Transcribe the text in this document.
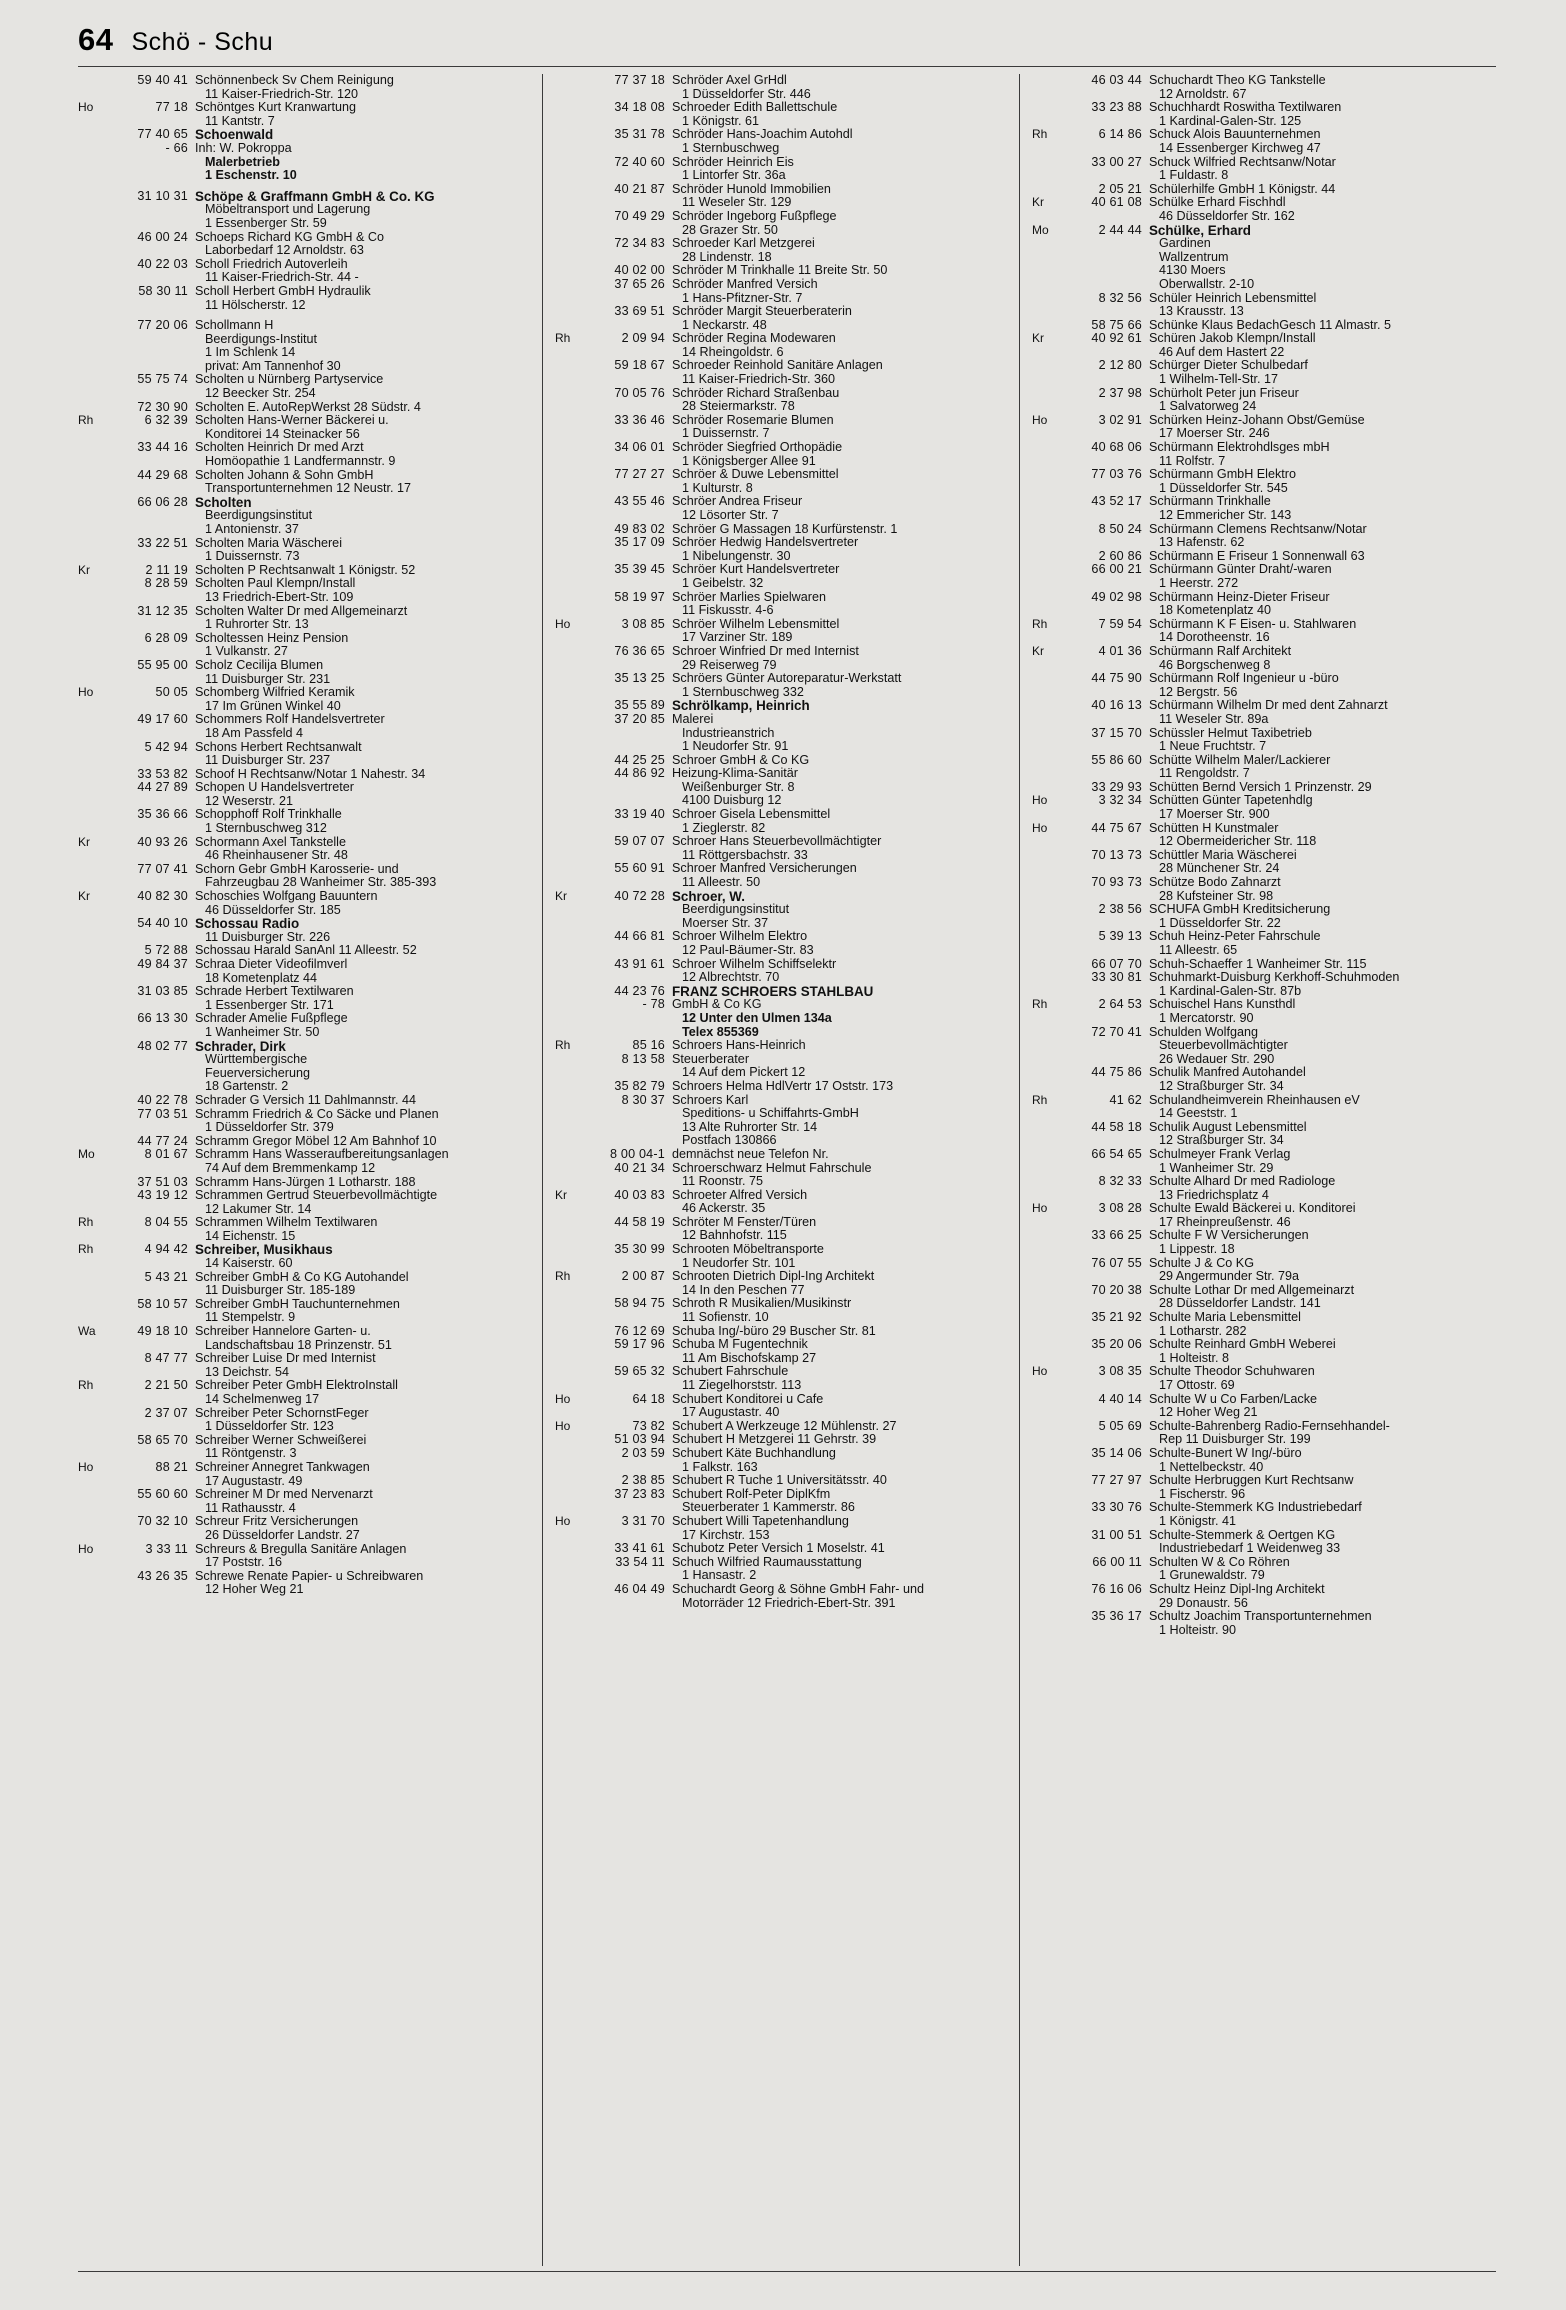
64 Schö - Schu
59 40 41 Schönnenbeck Sv Chem Reinigung
11 Kaiser-Friedrich-Str. 120
Ho	77 18 Schöntges Kurt Kranwartung
11 Kantstr. 7
77 40 65 Schoenwald
- 66 Inh: W. Pokroppa
Malerbetrieb
1 Eschenstr. 10
31 10 31 Schöpe & Graffmann GmbH & Co. KG
Möbeltransport und Lagerung
1 Essenberger Str. 59
46 00 24 Schoeps Richard KG GmbH & Co
Laborbedarf 12 Arnoldstr. 63
40 22 03 Scholl Friedrich Autoverleih
11 Kaiser-Friedrich-Str. 44 -
58 30 11 Scholl Herbert GmbH Hydraulik
11 Hölscherstr. 12
77 20 06 Schollmann H
Beerdigungs-Institut
1 Im Schlenk 14
privat: Am Tannenhof 30
55 75 74 Scholten u Nürnberg Partyservice
12 Beecker Str. 254
72 30 90 Scholten E. AutoRepWerkst 28 Südstr. 4
Rh	6 32 39 Scholten Hans-Werner Bäckerei u.
Konditorei 14 Steinacker 56
33 44 16 Scholten Heinrich Dr med Arzt
Homöopathie 1 Landfermannstr. 9
44 29 68 Scholten Johann & Sohn GmbH
Transportunternehmen 12 Neustr. 17
66 06 28 Scholten
Beerdigungsinstitut
1 Antonienstr. 37
33 22 51 Scholten Maria Wäscherei
1 Duissernstr. 73
Kr	2 11 19 Scholten P Rechtsanwalt 1 Königstr. 52
8 28 59 Scholten Paul Klempn/Install
13 Friedrich-Ebert-Str. 109
31 12 35 Scholten Walter Dr med Allgemeinarzt
1 Ruhrorter Str. 13
6 28 09 Scholtessen Heinz Pension
1 Vulkanstr. 27
55 95 00 Scholz Cecilija Blumen
11 Duisburger Str. 231
Ho	50 05 Schomberg Wilfried Keramik
17 Im Grünen Winkel 40
49 17 60 Schommers Rolf Handelsvertreter
18 Am Passfeld 4
5 42 94 Schons Herbert Rechtsanwalt
11 Duisburger Str. 237
33 53 82 Schoof H Rechtsanw/Notar 1 Nahestr. 34
44 27 89 Schopen U Handelsvertreter
12 Weserstr. 21
35 36 66 Schopphoff Rolf Trinkhalle
1 Sternbuschweg 312
Kr	40 93 26 Schormann Axel Tankstelle
46 Rheinhausener Str. 48
77 07 41 Schorn Gebr GmbH Karosserie- und
Fahrzeugbau 28 Wanheimer Str. 385-393
Kr	40 82 30 Schoschies Wolfgang Bauuntern
46 Düsseldorfer Str. 185
54 40 10 Schossau Radio
11 Duisburger Str. 226
5 72 88 Schossau Harald SanAnl 11 Alleestr. 52
49 84 37 Schraa Dieter Videofilmverl
18 Kometenplatz 44
31 03 85 Schrade Herbert Textilwaren
1 Essenberger Str. 171
66 13 30 Schrader Amelie Fußpflege
1 Wanheimer Str. 50
48 02 77 Schrader, Dirk
Württembergische
Feuerversicherung
18 Gartenstr. 2
40 22 78 Schrader G Versich 11 Dahlmannstr. 44
77 03 51 Schramm Friedrich & Co Säcke und Planen
1 Düsseldorfer Str. 379
44 77 24 Schramm Gregor Möbel 12 Am Bahnhof 10
Mo	8 01 67 Schramm Hans Wasseraufbereitungsanlagen
74 Auf dem Bremmenkamp 12
37 51 03 Schramm Hans-Jürgen 1 Lotharstr. 188
43 19 12 Schrammen Gertrud Steuerbevollmächtigte
12 Lakumer Str. 14
Rh	8 04 55 Schrammen Wilhelm Textilwaren
14 Eichenstr. 15
Rh	4 94 42 Schreiber, Musikhaus
14 Kaiserstr. 60
5 43 21 Schreiber GmbH & Co KG Autohandel
11 Duisburger Str. 185-189
58 10 57 Schreiber GmbH Tauchunternehmen
11 Stempelstr. 9
Wa	49 18 10 Schreiber Hannelore Garten- u.
Landschaftsbau 18 Prinzenstr. 51
8 47 77 Schreiber Luise Dr med Internist
13 Deichstr. 54
Rh	2 21 50 Schreiber Peter GmbH ElektroInstall
14 Schelmenweg 17
2 37 07 Schreiber Peter SchornstFeger
1 Düsseldorfer Str. 123
58 65 70 Schreiber Werner Schweißerei
11 Röntgenstr. 3
Ho	88 21 Schreiner Annegret Tankwagen
17 Augustastr. 49
55 60 60 Schreiner M Dr med Nervenarzt
11 Rathausstr. 4
70 32 10 Schreur Fritz Versicherungen
26 Düsseldorfer Landstr. 27
Ho	3 33 11 Schreurs & Bregulla Sanitäre Anlagen
17 Poststr. 16
43 26 35 Schrewe Renate Papier- u Schreibwaren
12 Hoher Weg 21
77 37 18 Schröder Axel GrHdl
1 Düsseldorfer Str. 446
34 18 08 Schroeder Edith Ballettschule
1 Königstr. 61
35 31 78 Schröder Hans-Joachim Autohdl
1 Sternbuschweg
72 40 60 Schröder Heinrich Eis
1 Lintorfer Str. 36a
40 21 87 Schröder Hunold Immobilien
11 Weseler Str. 129
70 49 29 Schröder Ingeborg Fußpflege
28 Grazer Str. 50
72 34 83 Schroeder Karl Metzgerei
28 Lindenstr. 18
40 02 00 Schröder M Trinkhalle 11 Breite Str. 50
37 65 26 Schröder Manfred Versich
1 Hans-Pfitzner-Str. 7
33 69 51 Schröder Margit Steuerberaterin
1 Neckarstr. 48
Rh	2 09 94 Schröder Regina Modewaren
14 Rheingoldstr. 6
59 18 67 Schroeder Reinhold Sanitäre Anlagen
11 Kaiser-Friedrich-Str. 360
70 05 76 Schröder Richard Straßenbau
28 Steiermarkstr. 78
33 36 46 Schröder Rosemarie Blumen
1 Duissernstr. 7
34 06 01 Schröder Siegfried Orthopädie
1 Königsberger Allee 91
77 27 27 Schröer & Duwe Lebensmittel
1 Kulturstr. 8
43 55 46 Schröer Andrea Friseur
12 Lösorter Str. 7
49 83 02 Schröer G Massagen 18 Kurfürstenstr. 1
35 17 09 Schröer Hedwig Handelsvertreter
1 Nibelungenstr. 30
35 39 45 Schröer Kurt Handelsvertreter
1 Geibelstr. 32
58 19 97 Schröer Marlies Spielwaren
11 Fiskusstr. 4-6
Ho	3 08 85 Schröer Wilhelm Lebensmittel
17 Varziner Str. 189
76 36 65 Schroer Winfried Dr med Internist
29 Reiserweg 79
35 13 25 Schröers Günter Autoreparatur-Werkstatt
1 Sternbuschweg 332
35 55 89 Schrölkamp, Heinrich
37 20 85 Malerei
Industrieanstrich
1 Neudorfer Str. 91
44 25 25 Schroer GmbH & Co KG
44 86 92 Heizung-Klima-Sanitär
Weißenburger Str. 8
4100 Duisburg 12
33 19 40 Schroer Gisela Lebensmittel
1 Zieglerstr. 82
59 07 07 Schroer Hans Steuerbevollmächtigter
11 Röttgersbachstr. 33
55 60 91 Schroer Manfred Versicherungen
11 Alleestr. 50
Kr	40 72 28 Schroer, W.
Beerdigungsinstitut
Moerser Str. 37
44 66 81 Schroer Wilhelm Elektro
12 Paul-Bäumer-Str. 83
43 91 61 Schroer Wilhelm Schiffselektr
12 Albrechtstr. 70
44 23 76 FRANZ SCHROERS STAHLBAU
- 78 GmbH & Co KG
12 Unter den Ulmen 134a
Telex 855369
Rh	85 16 Schroers Hans-Heinrich
8 13 58 Steuerberater
14 Auf dem Pickert 12
35 82 79 Schroers Helma HdlVertr 17 Oststr. 173
8 30 37 Schroers Karl
Speditions- u Schiffahrts-GmbH
13 Alte Ruhrorter Str. 14
Postfach 130866
8 00 04-1 demnächst neue Telefon Nr.
40 21 34 Schroerschwarz Helmut Fahrschule
11 Roonstr. 75
Kr	40 03 83 Schroeter Alfred Versich
46 Ackerstr. 35
44 58 19 Schröter M Fenster/Türen
12 Bahnhofstr. 115
35 30 99 Schrooten Möbeltransporte
1 Neudorfer Str. 101
Rh	2 00 87 Schrooten Dietrich Dipl-Ing Architekt
14 In den Peschen 77
58 94 75 Schroth R Musikalien/Musikinstr
11 Sofienstr. 10
76 12 69 Schuba Ing/-büro 29 Buscher Str. 81
59 17 96 Schuba M Fugentechnik
11 Am Bischofskamp 27
59 65 32 Schubert Fahrschule
11 Ziegelhorststr. 113
Ho	64 18 Schubert Konditorei u Cafe
17 Augustastr. 40
Ho	73 82 Schubert A Werkzeuge 12 Mühlenstr. 27
51 03 94 Schubert H Metzgerei 11 Gehrstr. 39
2 03 59 Schubert Käte Buchhandlung
1 Falkstr. 163
2 38 85 Schubert R Tuche 1 Universitätsstr. 40
37 23 83 Schubert Rolf-Peter DiplKfm
Steuerberater 1 Kammerstr. 86
Ho	3 31 70 Schubert Willi Tapetenhandlung
17 Kirchstr. 153
33 41 61 Schubotz Peter Versich 1 Moselstr. 41
33 54 11 Schuch Wilfried Raumausstattung
1 Hansastr. 2
46 04 49 Schuchardt Georg & Söhne GmbH Fahr- und
Motorräder 12 Friedrich-Ebert-Str. 391
46 03 44 Schuchardt Theo KG Tankstelle
12 Arnoldstr. 67
33 23 88 Schuchhardt Roswitha Textilwaren
1 Kardinal-Galen-Str. 125
Rh	6 14 86 Schuck Alois Bauunternehmen
14 Essenberger Kirchweg 47
33 00 27 Schuck Wilfried Rechtsanw/Notar
1 Fuldastr. 8
2 05 21 Schülerhilfe GmbH 1 Königstr. 44
Kr	40 61 08 Schülke Erhard Fischhdl
46 Düsseldorfer Str. 162
Mo	2 44 44 Schülke, Erhard
Gardinen
Wallzentrum
4130 Moers
Oberwallstr. 2-10
8 32 56 Schüler Heinrich Lebensmittel
13 Krausstr. 13
58 75 66 Schünke Klaus BedachGesch 11 Almastr. 5
Kr	40 92 61 Schüren Jakob Klempn/Install
46 Auf dem Hastert 22
2 12 80 Schürger Dieter Schulbedarf
1 Wilhelm-Tell-Str. 17
2 37 98 Schürholt Peter jun Friseur
1 Salvatorweg 24
Ho	3 02 91 Schürken Heinz-Johann Obst/Gemüse
17 Moerser Str. 246
40 68 06 Schürmann Elektrohdlsges mbH
11 Rolfstr. 7
77 03 76 Schürmann GmbH Elektro
1 Düsseldorfer Str. 545
43 52 17 Schürmann Trinkhalle
12 Emmericher Str. 143
8 50 24 Schürmann Clemens Rechtsanw/Notar
13 Hafenstr. 62
2 60 86 Schürmann E Friseur 1 Sonnenwall 63
66 00 21 Schürmann Günter Draht/-waren
1 Heerstr. 272
49 02 98 Schürmann Heinz-Dieter Friseur
18 Kometenplatz 40
Rh	7 59 54 Schürmann K F Eisen- u. Stahlwaren
14 Dorotheenstr. 16
Kr	4 01 36 Schürmann Ralf Architekt
46 Borgschenweg 8
44 75 90 Schürmann Rolf Ingenieur u -büro
12 Bergstr. 56
40 16 13 Schürmann Wilhelm Dr med dent Zahnarzt
11 Weseler Str. 89a
37 15 70 Schüssler Helmut Taxibetrieb
1 Neue Fruchtstr. 7
55 86 60 Schütte Wilhelm Maler/Lackierer
11 Rengoldstr. 7
33 29 93 Schütten Bernd Versich 1 Prinzenstr. 29
Ho	3 32 34 Schütten Günter Tapetenhdlg
17 Moerser Str. 900
Ho	44 75 67 Schütten H Kunstmaler
12 Obermeidericher Str. 118
70 13 73 Schüttler Maria Wäscherei
28 Münchener Str. 24
70 93 73 Schütze Bodo Zahnarzt
28 Kufsteiner Str. 98
2 38 56 SCHUFA GmbH Kreditsicherung
1 Düsseldorfer Str. 22
5 39 13 Schuh Heinz-Peter Fahrschule
11 Alleestr. 65
66 07 70 Schuh-Schaeffer 1 Wanheimer Str. 115
33 30 81 Schuhmarkt-Duisburg Kerkhoff-Schuhmoden
1 Kardinal-Galen-Str. 87b
Rh	2 64 53 Schuischel Hans Kunsthdl
1 Mercatorstr. 90
72 70 41 Schulden Wolfgang
Steuerbevollmächtigter
26 Wedauer Str. 290
44 75 86 Schulik Manfred Autohandel
12 Straßburger Str. 34
Rh	41 62 Schulandheimverein Rheinhausen eV
14 Geeststr. 1
44 58 18 Schulik August Lebensmittel
12 Straßburger Str. 34
66 54 65 Schulmeyer Frank Verlag
1 Wanheimer Str. 29
8 32 33 Schulte Alhard Dr med Radiologe
13 Friedrichsplatz 4
Ho	3 08 28 Schulte Ewald Bäckerei u. Konditorei
17 Rheinpreußenstr. 46
33 66 25 Schulte F W Versicherungen
1 Lippestr. 18
76 07 55 Schulte J & Co KG
29 Angermunder Str. 79a
70 20 38 Schulte Lothar Dr med Allgemeinarzt
28 Düsseldorfer Landstr. 141
35 21 92 Schulte Maria Lebensmittel
1 Lotharstr. 282
35 20 06 Schulte Reinhard GmbH Weberei
1 Holteistr. 8
Ho	3 08 35 Schulte Theodor Schuhwaren
17 Ottostr. 69
4 40 14 Schulte W u Co Farben/Lacke
12 Hoher Weg 21
5 05 69 Schulte-Bahrenberg Radio-Fernsehhandel-
Rep 11 Duisburger Str. 199
35 14 06 Schulte-Bunert W Ing/-büro
1 Nettelbeckstr. 40
77 27 97 Schulte Herbruggen Kurt Rechtsanw
1 Fischerstr. 96
33 30 76 Schulte-Stemmerk KG Industriebedarf
1 Königstr. 41
31 00 51 Schulte-Stemmerk & Oertgen KG
Industriebedarf 1 Weidenweg 33
66 00 11 Schulten W & Co Röhren
1 Grunewaldstr. 79
76 16 06 Schultz Heinz Dipl-Ing Architekt
29 Donaustr. 56
35 36 17 Schultz Joachim Transportunternehmen
1 Holteistr. 90
